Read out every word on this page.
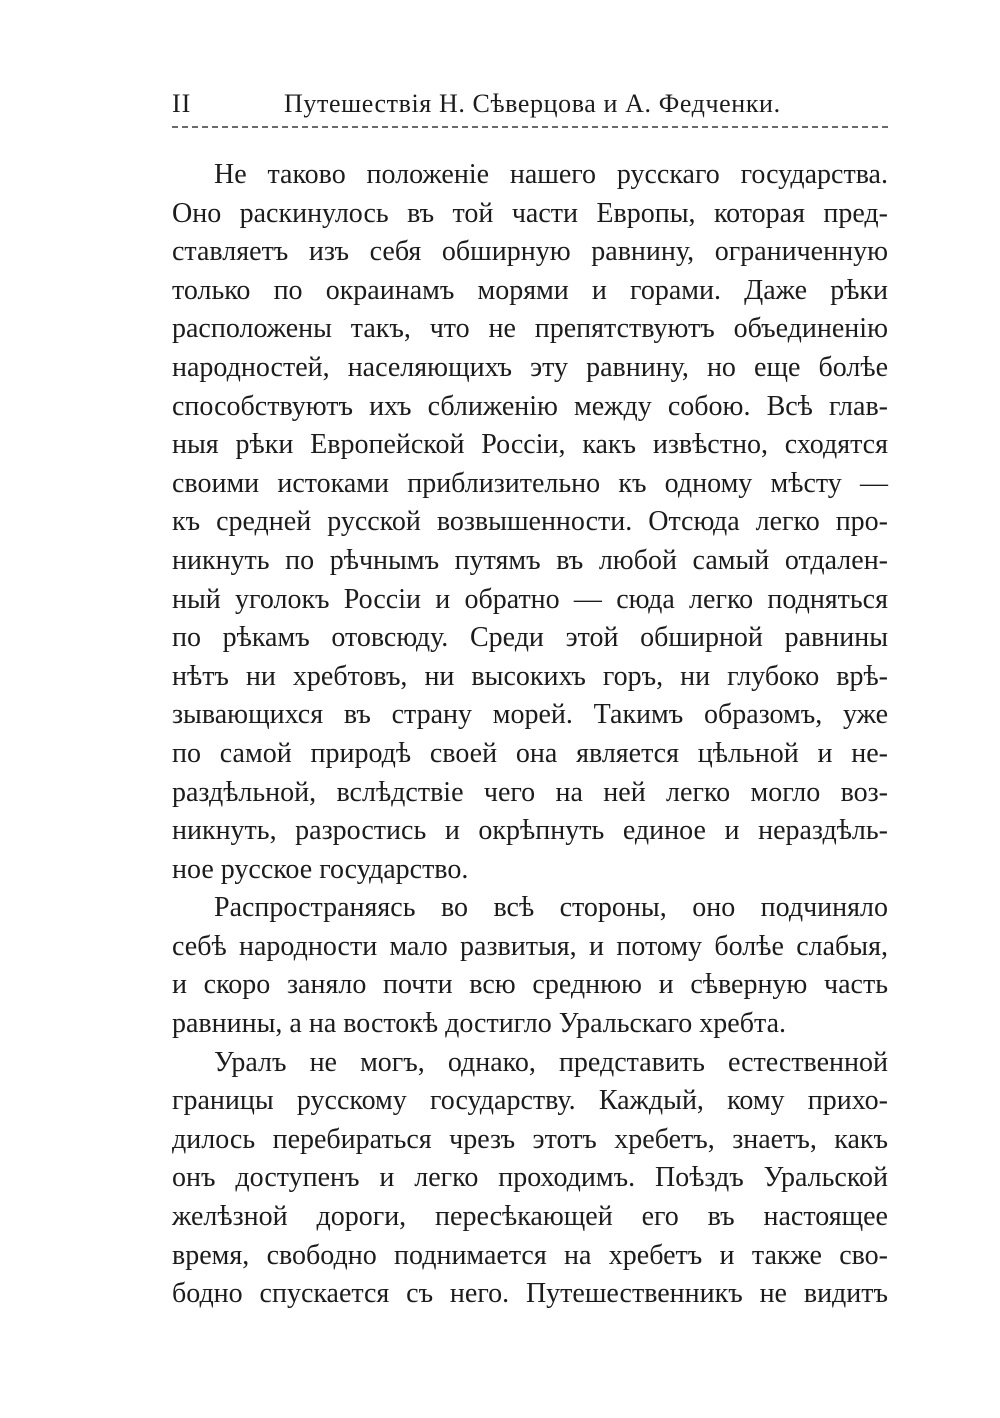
II	Путешествія Н. Сѣверцова и А. Федченки.
Не таково положеніе нашего русскаго государства.
Оно раскинулось въ той части Европы, которая пред-
ставляетъ изъ себя обширную равнину, ограниченную
только по окраинамъ морями и горами. Даже рѣки
расположены такъ, что не препятствуютъ объединенію
народностей, населяющихъ эту равнину, но еще болѣе
способствуютъ ихъ сближенію между собою. Всѣ глав-
ныя рѣки Европейской Россіи, какъ извѣстно, сходятся
своими истоками приблизительно къ одному мѣсту —
къ средней русской возвышенности. Отсюда легко про-
никнуть по рѣчнымъ путямъ въ любой самый отдален-
ный уголокъ Россіи и обратно — сюда легко подняться
по рѣкамъ отовсюду. Среди этой обширной равнины
нѣтъ ни хребтовъ, ни высокихъ горъ, ни глубоко врѣ-
зывающихся въ страну морей. Такимъ образомъ, уже
по самой природѣ своей она является цѣльной и не-
раздѣльной, вслѣдствіе чего на ней легко могло воз-
никнуть, разростись и окрѣпнуть единое и нераздѣль-
ное русское государство.
Распространяясь во всѣ стороны, оно подчиняло
себѣ народности мало развитыя, и потому болѣе слабыя,
и скоро заняло почти всю среднюю и сѣверную часть
равнины, а на востокѣ достигло Уральскаго хребта.
Уралъ не могъ, однако, представить естественной
границы русскому государству. Каждый, кому прихо-
дилось перебираться чрезъ этотъ хребетъ, знаетъ, какъ
онъ доступенъ и легко проходимъ. Поѣздъ Уральской
желѣзной дороги, пересѣкающей его въ настоящее
время, свободно поднимается на хребетъ и также сво-
бодно спускается съ него. Путешественникъ не видитъ
